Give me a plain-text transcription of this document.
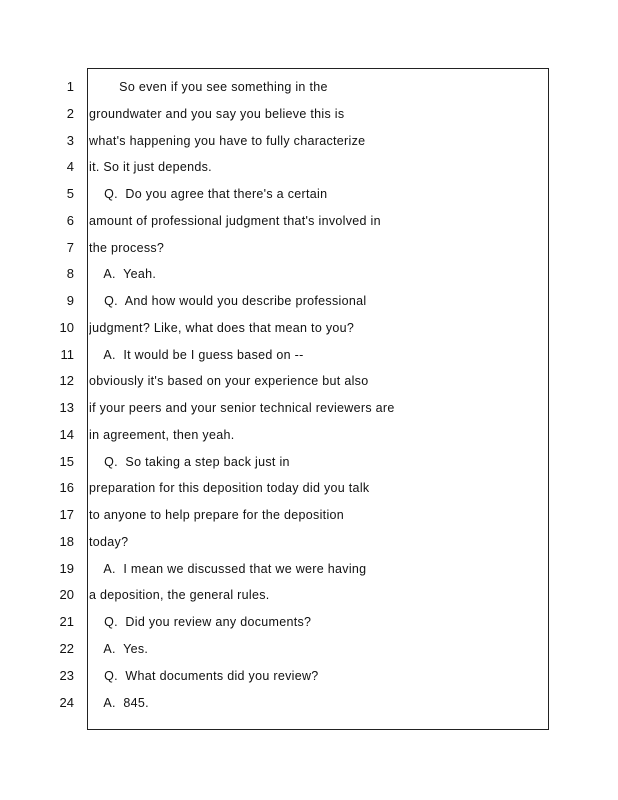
1 So even if you see something in the
2 groundwater and you say you believe this is
3 what's happening you have to fully characterize
4 it. So it just depends.
5 Q.  Do you agree that there's a certain
6 amount of professional judgment that's involved in
7 the process?
8 A.  Yeah.
9 Q.  And how would you describe professional
10 judgment? Like, what does that mean to you?
11 A.  It would be I guess based on --
12 obviously it's based on your experience but also
13 if your peers and your senior technical reviewers are
14 in agreement, then yeah.
15 Q.  So taking a step back just in
16 preparation for this deposition today did you talk
17 to anyone to help prepare for the deposition
18 today?
19 A.  I mean we discussed that we were having
20 a deposition, the general rules.
21 Q.  Did you review any documents?
22 A.  Yes.
23 Q.  What documents did you review?
24 A.  845.
